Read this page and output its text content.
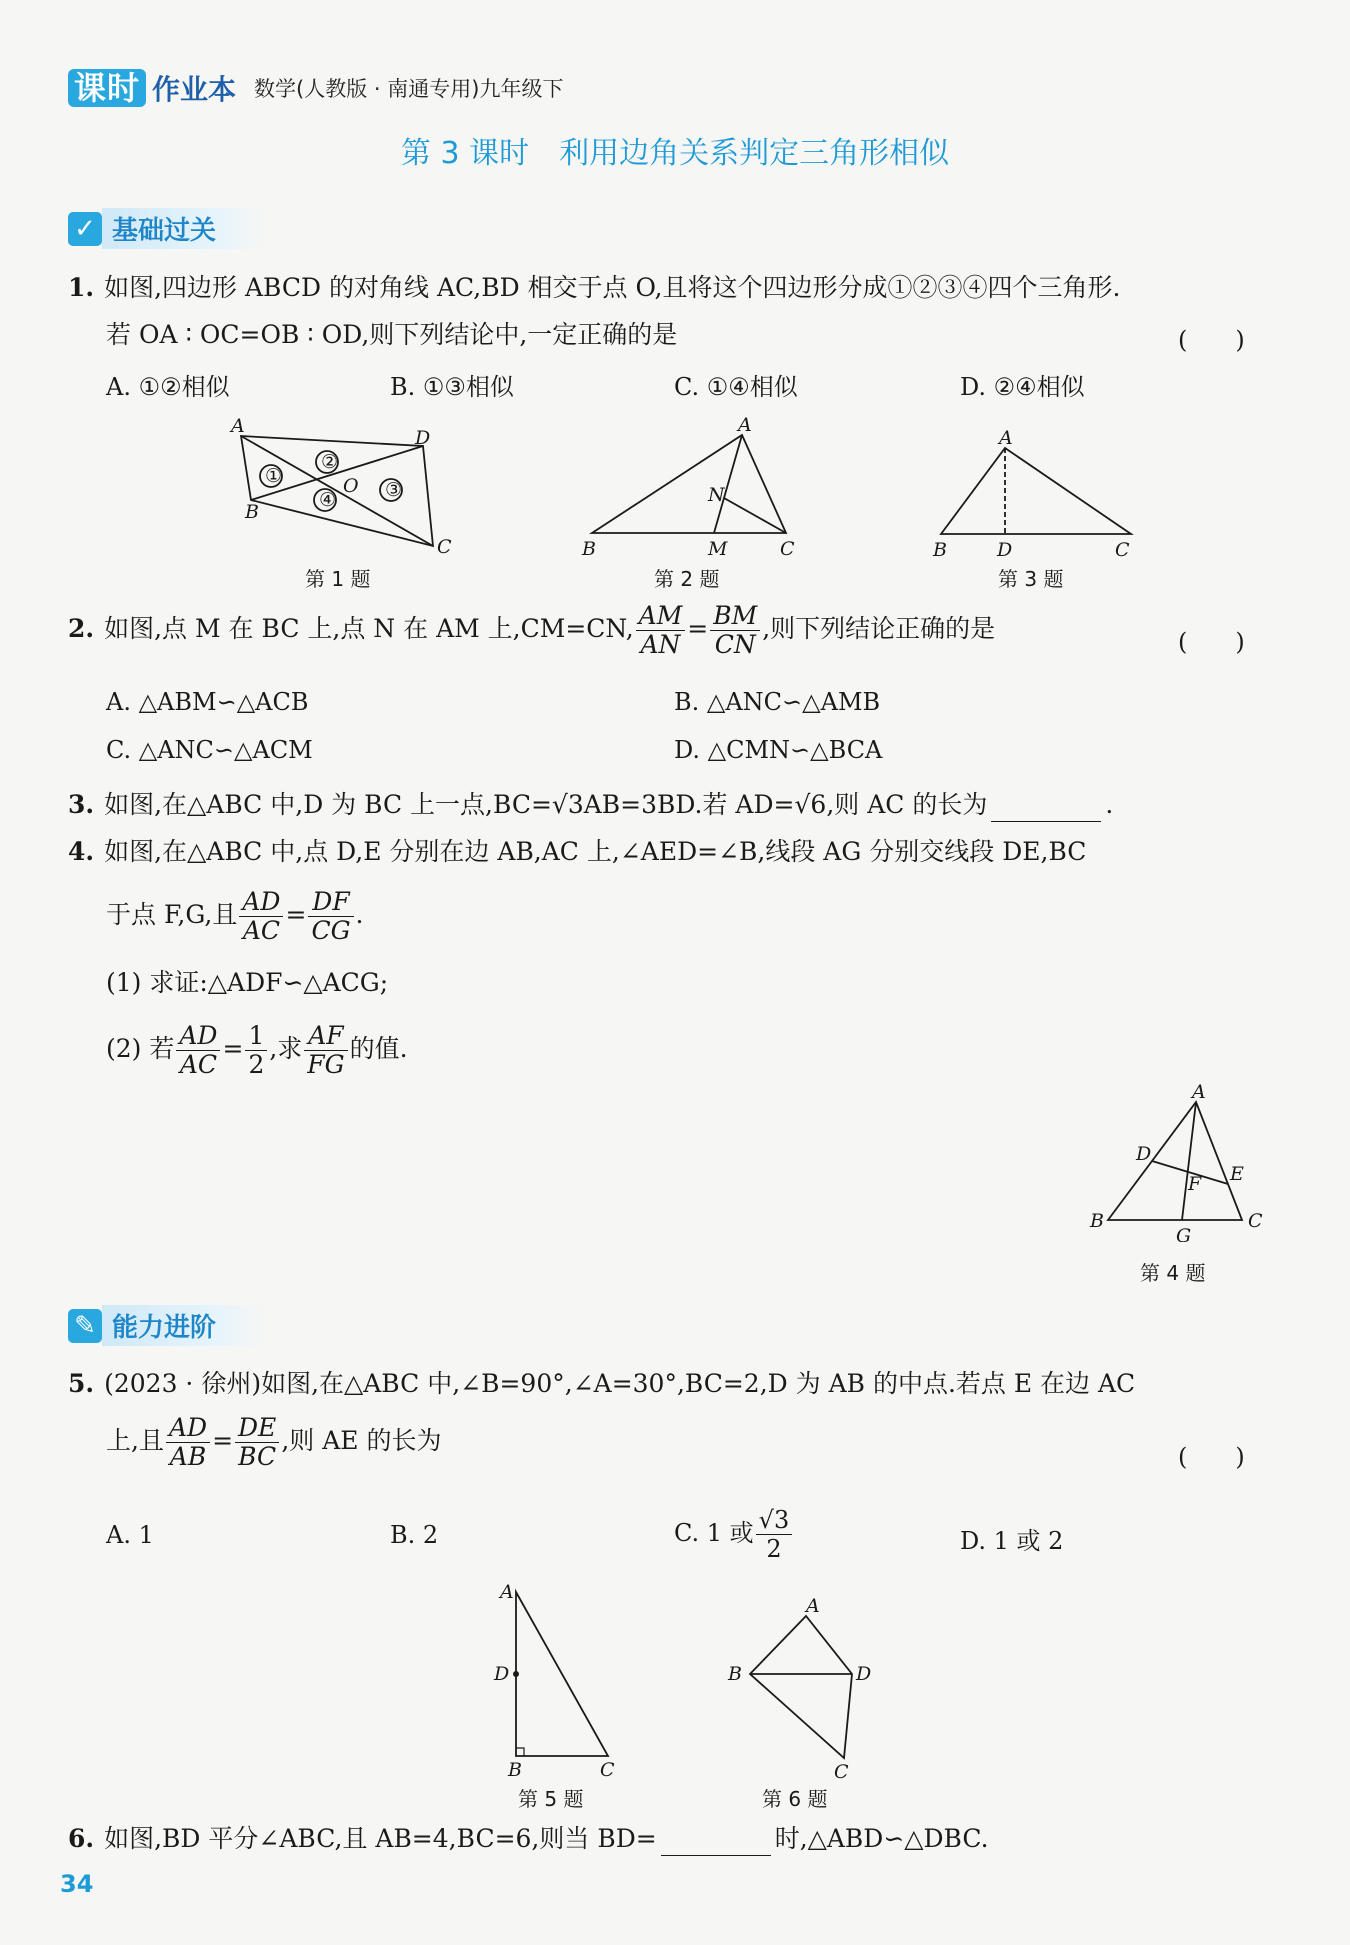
课时 作业本 数学(人教版 · 南通专用)九年级下
第 3 课时　利用边角关系判定三角形相似
✓ 基础过关
1. 如图,四边形 ABCD 的对角线 AC,BD 相交于点 O,且将这个四边形分成①②③④四个三角形.
若 OA ∶ OC=OB ∶ OD,则下列结论中,一定正确的是	(　　)
A. ①②相似	B. ①③相似	C. ①④相似	D. ②④相似
A
D
C
B
O
①
②
③
④
第 1 题
A
B	M	C
N
第 2 题
A
B	D	C
第 3 题
2. 如图,点 M 在 BC 上,点 N 在 AM 上,CM=CN, $\frac{AM}{AN} = \frac{BM}{CN}$ ,则下列结论正确的是	(　　)
A. △ABM∽△ACB	B. △ANC∽△AMB
C. △ANC∽△ACM	D. △CMN∽△BCA
3. 如图,在△ABC 中,D 为 BC 上一点,BC=√3AB=3BD.若 AD=√6,则 AC 的长为	.
4. 如图,在△ABC 中,点 D,E 分别在边 AB,AC 上,∠AED=∠B,线段 AG 分别交线段 DE,BC
于点 F,G,且 $\frac{AD}{AC} = \frac{DF}{CG}$ .
(1) 求证:△ADF∽△ACG;
(2) 若 $\frac{AD}{AC} = \frac{1}{2}$ ,求 $\frac{AF}{FG}$ 的值.
A
D
E
F
B
G
C
第 4 题
✎ 能力进阶
5. (2023 · 徐州)如图,在△ABC 中,∠B=90°,∠A=30°,BC=2,D 为 AB 的中点.若点 E 在边 AC
上,且 $\frac{AD}{AB} = \frac{DE}{BC}$ ,则 AE 的长为
(　　)
A. 1	B. 2	C. 1 或 $\frac{√3}{2}$	D. 1 或 2
A
D
B	C
第 5 题
A
B	D
C
第 6 题
6. 如图,BD 平分∠ABC,且 AB=4,BC=6,则当 BD=	时,△ABD∽△DBC.
34
